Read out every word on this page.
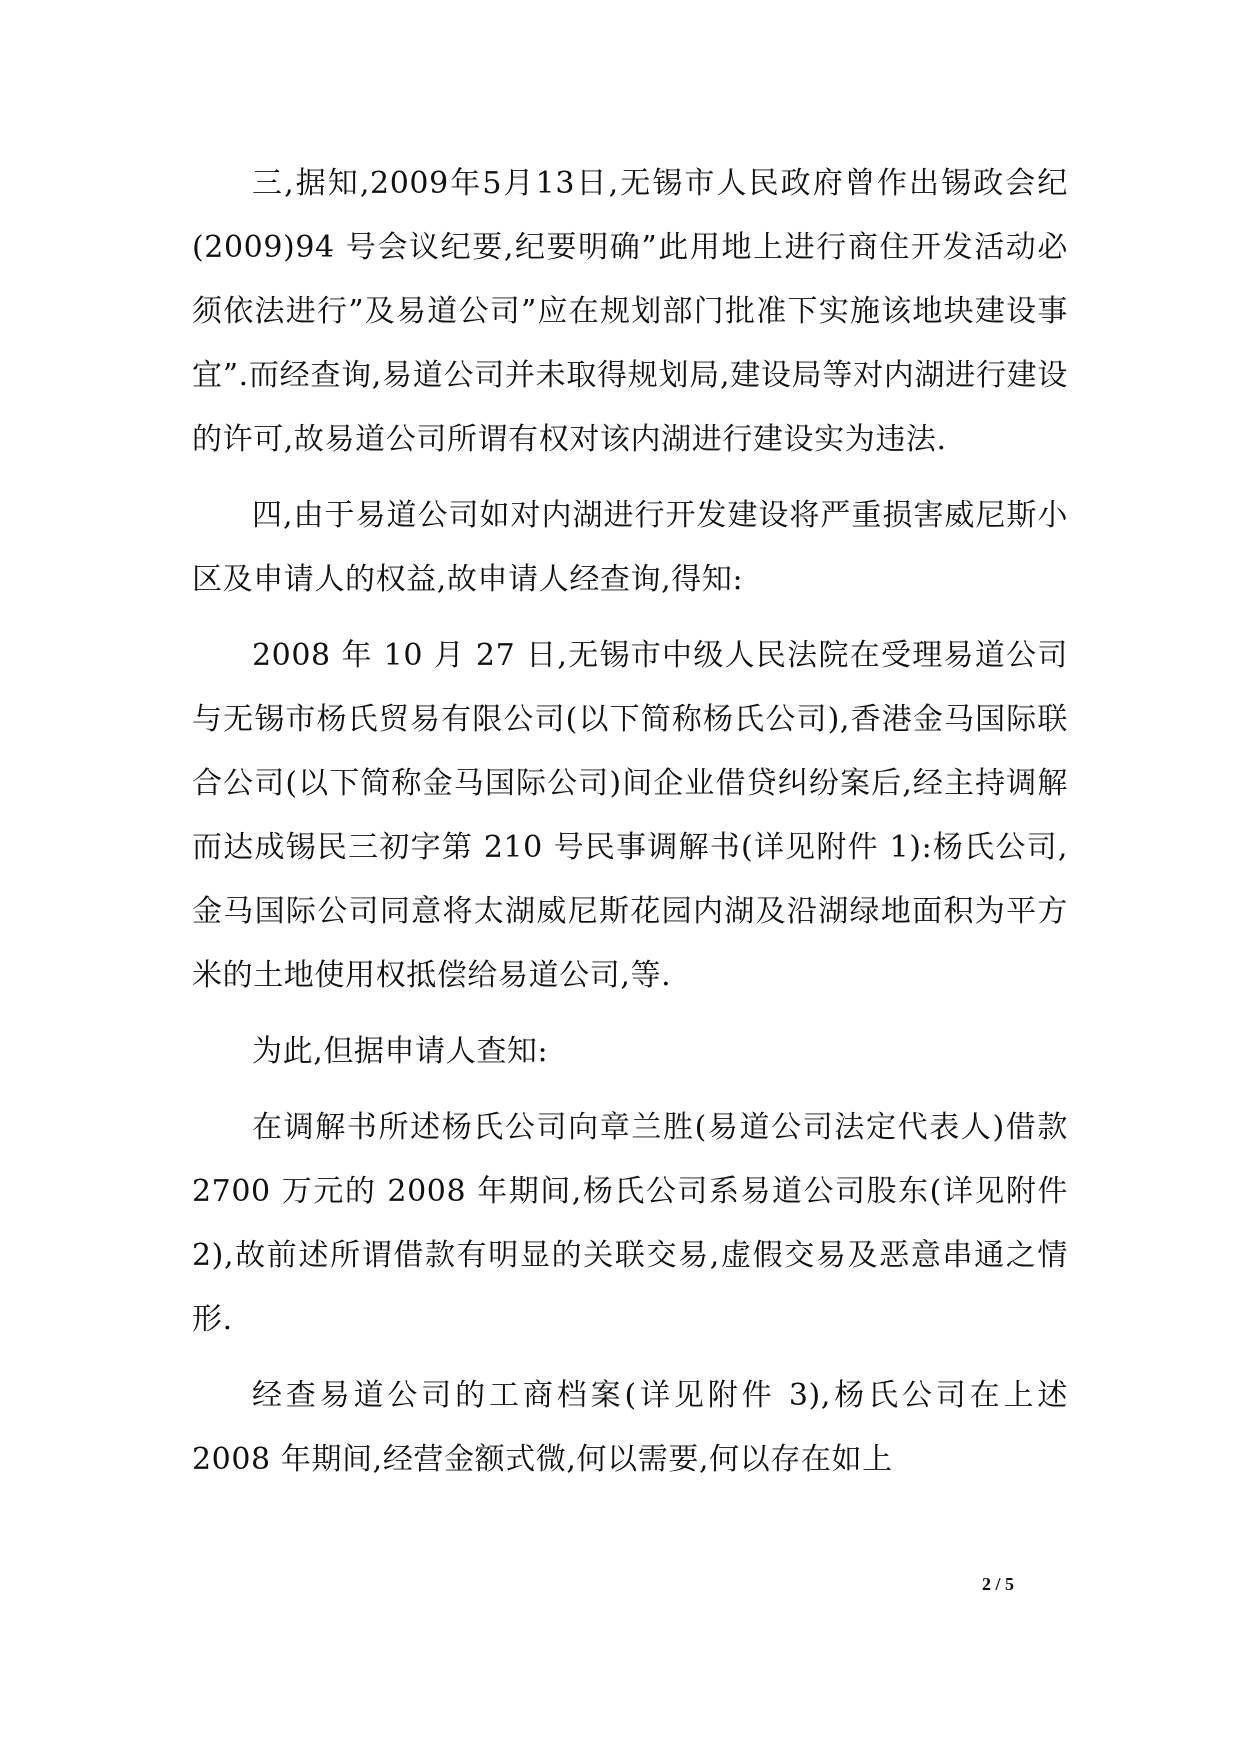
三,据知,2009年5月13日,无锡市人民政府曾作出锡政会纪(2009)94 号会议纪要,纪要明确”此用地上进行商住开发活动必须依法进行”及易道公司”应在规划部门批准下实施该地块建设事宜”.而经查询,易道公司并未取得规划局,建设局等对内湖进行建设的许可,故易道公司所谓有权对该内湖进行建设实为违法.

四,由于易道公司如对内湖进行开发建设将严重损害威尼斯小区及申请人的权益,故申请人经查询,得知:

2008 年 10 月 27 日,无锡市中级人民法院在受理易道公司与无锡市杨氏贸易有限公司(以下简称杨氏公司),香港金马国际联合公司(以下简称金马国际公司)间企业借贷纠纷案后,经主持调解而达成锡民三初字第 210 号民事调解书(详见附件 1):杨氏公司,金马国际公司同意将太湖威尼斯花园内湖及沿湖绿地面积为平方米的土地使用权抵偿给易道公司,等.

为此,但据申请人查知:

在调解书所述杨氏公司向章兰胜(易道公司法定代表人)借款 2700 万元的 2008 年期间,杨氏公司系易道公司股东(详见附件 2),故前述所谓借款有明显的关联交易,虚假交易及恶意串通之情形.

经查易道公司的工商档案(详见附件 3),杨氏公司在上述 2008 年期间,经营金额式微,何以需要,何以存在如上

2 / 5
